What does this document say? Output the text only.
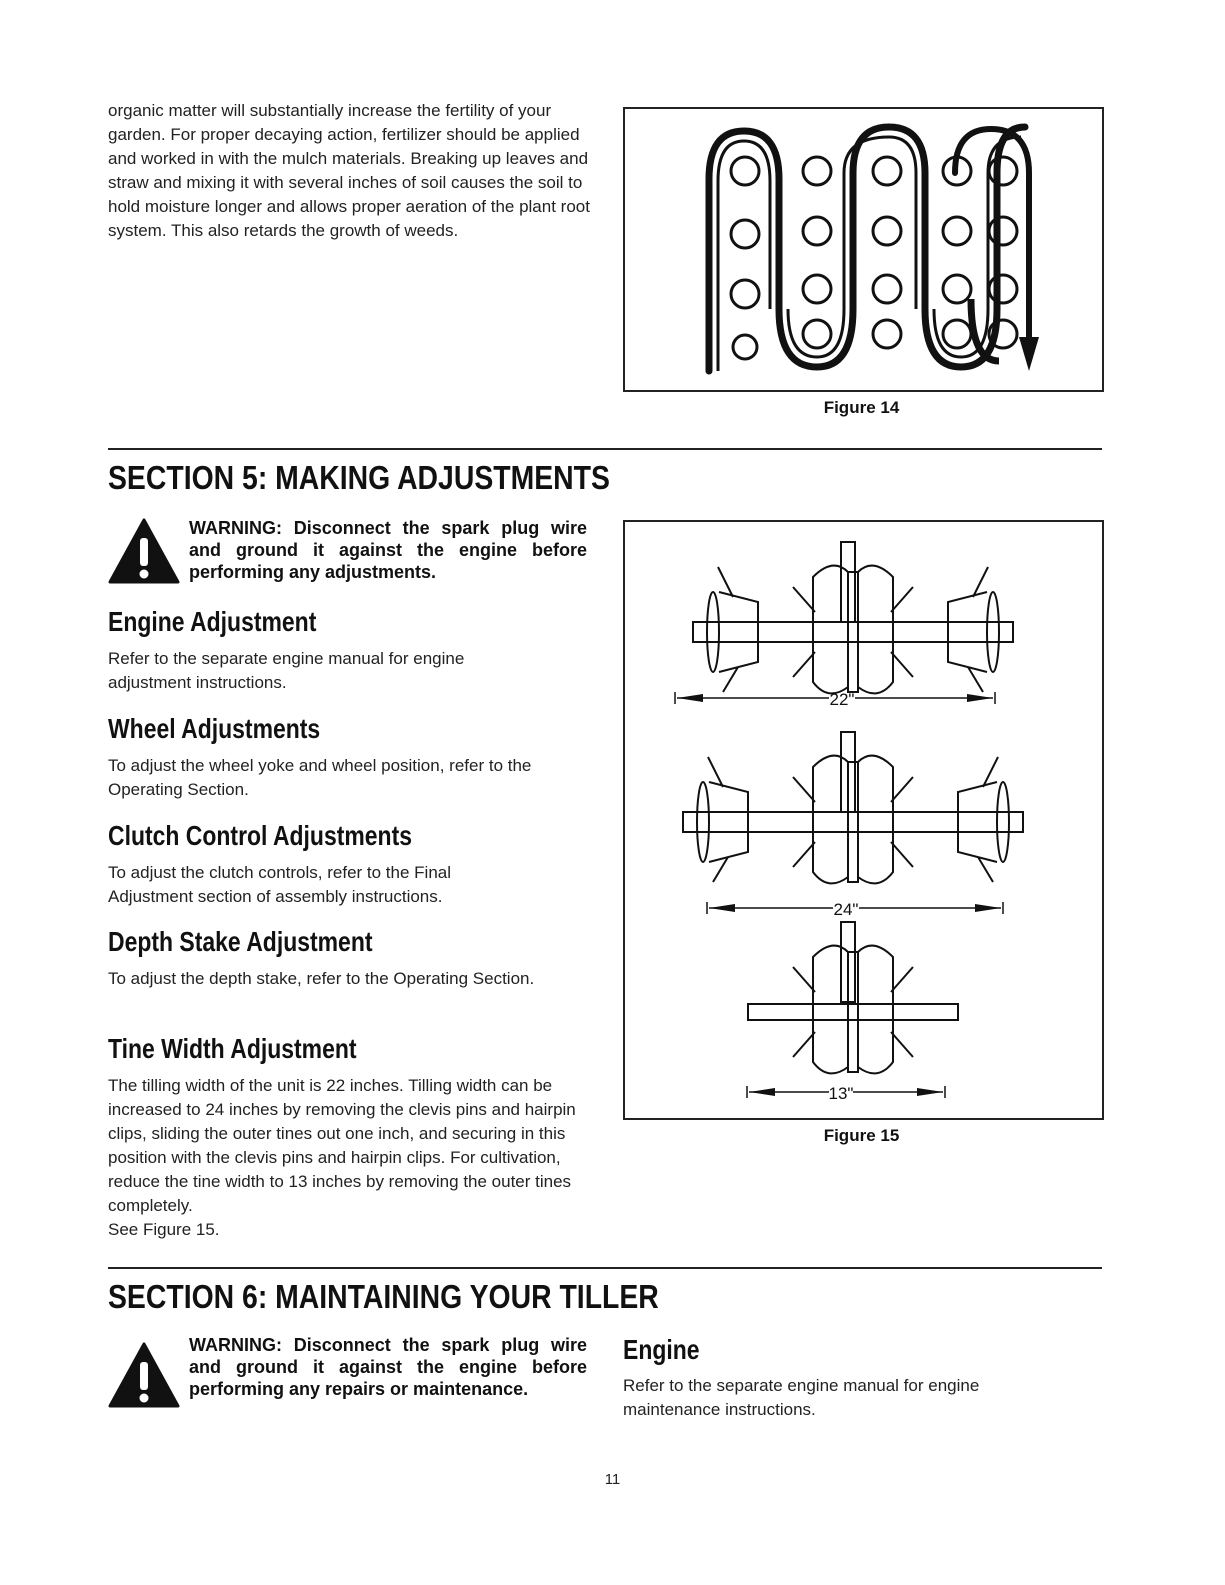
organic matter will substantially increase the fertility of your garden. For proper decaying action, fertilizer should be applied and worked in with the mulch materials. Breaking up leaves and straw and mixing it with several inches of soil causes the soil to hold moisture longer and allows proper aeration of the plant root system. This also retards the growth of weeds.
Figure 14
SECTION 5: MAKING ADJUSTMENTS
WARNING: Disconnect the spark plug wire and ground it against the engine before performing any adjustments.
Engine Adjustment
Refer to the separate engine manual for engine adjustment instructions.
Wheel Adjustments
To adjust the wheel yoke and wheel position, refer to the Operating Section.
Clutch Control Adjustments
To adjust the clutch controls, refer to the Final Adjustment section of assembly instructions.
Depth Stake Adjustment
To adjust the depth stake, refer to the Operating Section.
Tine Width Adjustment
The tilling width of the unit is 22 inches. Tilling width can be increased to 24 inches by removing the clevis pins and hairpin clips, sliding the outer tines out one inch, and securing in this position with the clevis pins and hairpin clips. For cultivation, reduce the tine width to 13 inches by removing the outer tines completely.
See Figure 15.
22"
24"
13"
Figure 15
SECTION 6: MAINTAINING YOUR TILLER
WARNING: Disconnect the spark plug wire and ground it against the engine before performing any repairs or maintenance.
Engine
Refer to the separate engine manual for engine maintenance instructions.
11
